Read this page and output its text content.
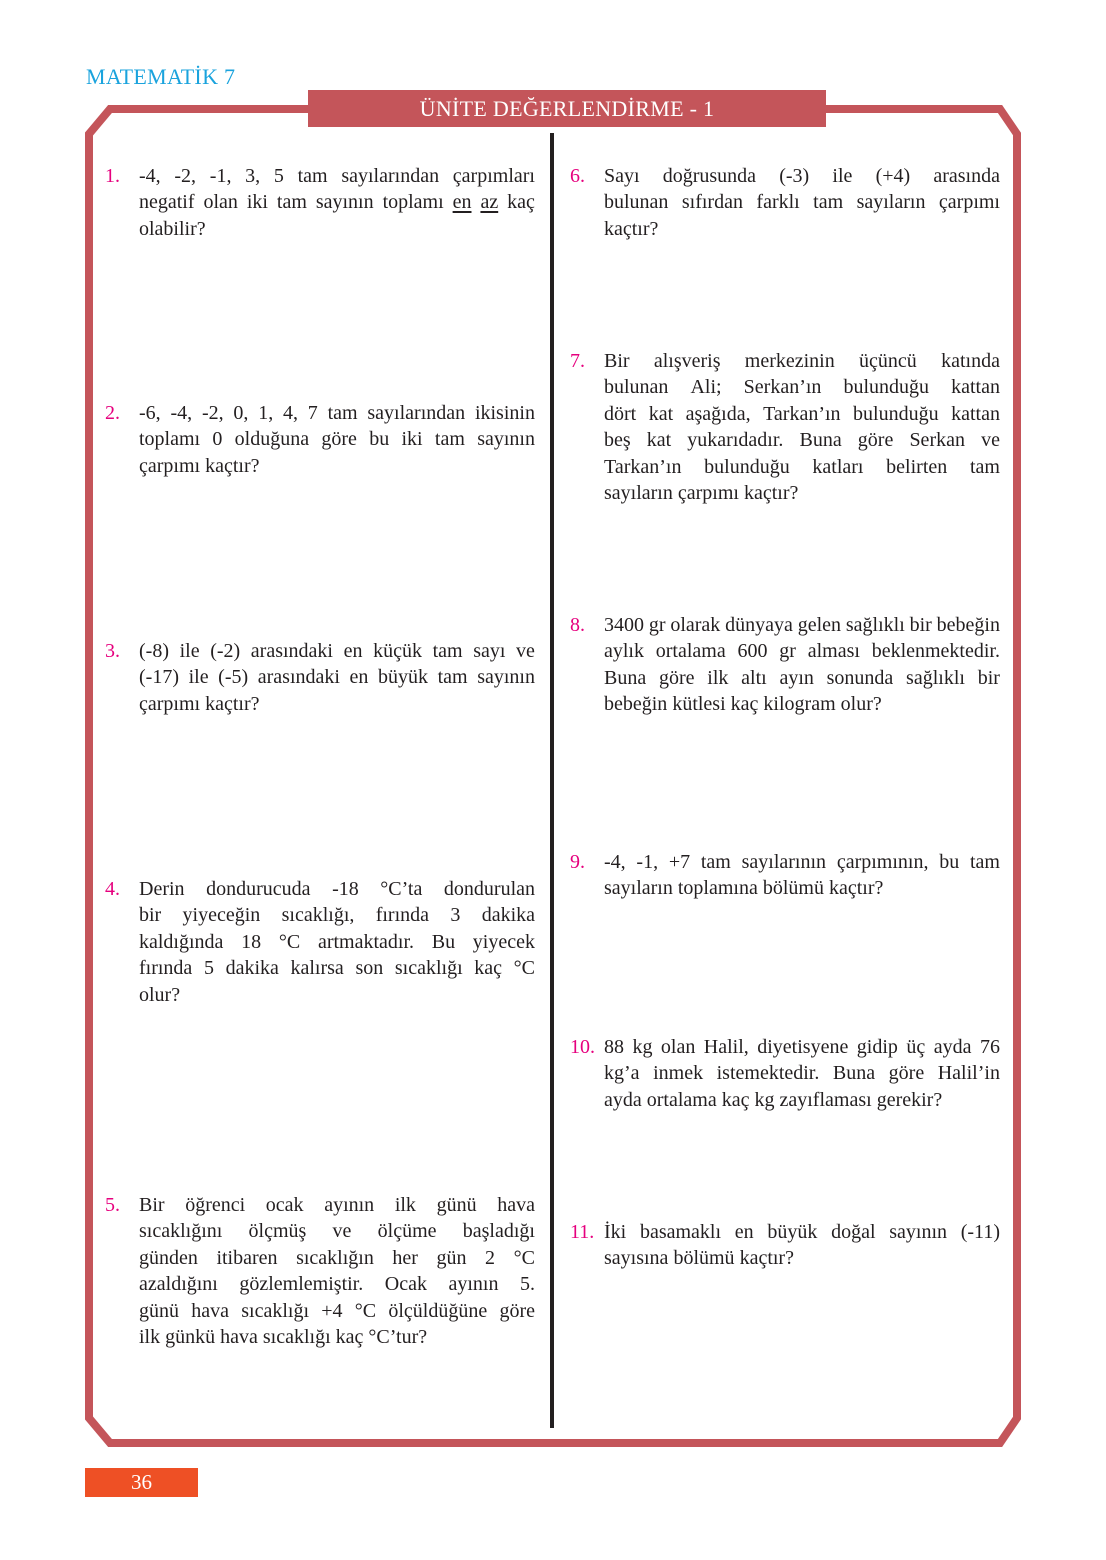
MATEMATİK 7
ÜNİTE DEĞERLENDİRME - 1
1. -4, -2, -1, 3, 5 tam sayılarından çarpımları
negatif olan iki tam sayının toplamı en az kaç
olabilir?
2. -6, -4, -2, 0, 1, 4, 7 tam sayılarından ikisinin
toplamı 0 olduğuna göre bu iki tam sayının
çarpımı kaçtır?
3. (-8) ile (-2) arasındaki en küçük tam sayı ve
(-17) ile (-5) arasındaki en büyük tam sayının
çarpımı kaçtır?
4. Derin dondurucuda -18 °C’ta dondurulan
bir yiyeceğin sıcaklığı, fırında 3 dakika
kaldığında 18 °C artmaktadır. Bu yiyecek
fırında 5 dakika kalırsa son sıcaklığı kaç °C
olur?
5. Bir öğrenci ocak ayının ilk günü hava
sıcaklığını ölçmüş ve ölçüme başladığı
günden itibaren sıcaklığın her gün 2 °C
azaldığını gözlemlemiştir. Ocak ayının 5.
günü hava sıcaklığı +4 °C ölçüldüğüne göre
ilk günkü hava sıcaklığı kaç °C’tur?
6. Sayı doğrusunda (-3) ile (+4) arasında
bulunan sıfırdan farklı tam sayıların çarpımı
kaçtır?
7. Bir alışveriş merkezinin üçüncü katında
bulunan Ali; Serkan’ın bulunduğu kattan
dört kat aşağıda, Tarkan’ın bulunduğu kattan
beş kat yukarıdadır. Buna göre Serkan ve
Tarkan’ın bulunduğu katları belirten tam
sayıların çarpımı kaçtır?
8. 3400 gr olarak dünyaya gelen sağlıklı bir bebeğin
aylık ortalama 600 gr alması beklenmektedir.
Buna göre ilk altı ayın sonunda sağlıklı bir
bebeğin kütlesi kaç kilogram olur?
9. -4, -1, +7 tam sayılarının çarpımının, bu tam
sayıların toplamına bölümü kaçtır?
10. 88 kg olan Halil, diyetisyene gidip üç ayda 76
kg’a inmek istemektedir. Buna göre Halil’in
ayda ortalama kaç kg zayıflaması gerekir?
11. İki basamaklı en büyük doğal sayının (-11)
sayısına bölümü kaçtır?
36
